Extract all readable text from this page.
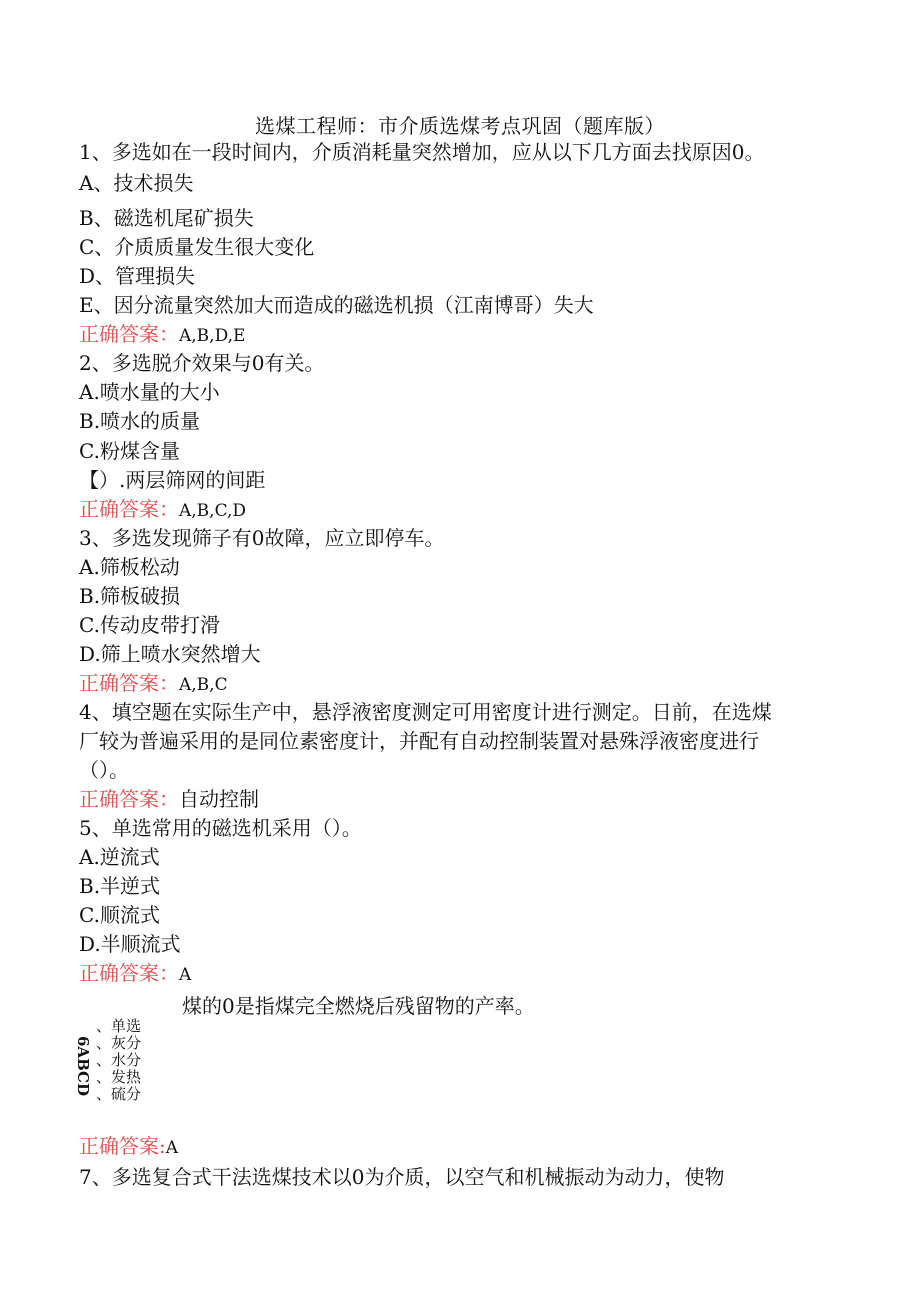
选煤工程师：市介质选煤考点巩固（题库版）
1、多选如在一段时间内，介质消耗量突然增加，应从以下几方面去找原因0。
A、技术损失
B、磁选机尾矿损失
C、介质质量发生很大变化
D、管理损失
E、因分流量突然加大而造成的磁选机损（江南博哥）失大
正确答案：A,B,D,E
2、多选脱介效果与0有关。
A.喷水量的大小
B.喷水的质量
C.粉煤含量
【）.两层筛网的间距
正确答案：A,B,C,D
3、多选发现筛子有0故障，应立即停车。
A.筛板松动
B.筛板破损
C.传动皮带打滑
D.筛上喷水突然增大
正确答案：A,B,C
4、填空题在实际生产中，悬浮液密度测定可用密度计进行测定。日前，在选煤
厂较为普遍采用的是同位素密度计，并配有自动控制装置对悬殊浮液密度进行
（）。
正确答案：自动控制
5、单选常用的磁选机采用（）。
A.逆流式
B.半逆式
C.顺流式
D.半顺流式
正确答案：A
煤的0是指煤完全燃烧后残留物的产率。
6ABCD
、单选
、灰分
、水分
、发热
、硫分
正确答案:A
7、多选复合式干法选煤技术以0为介质，以空气和机械振动为动力，使物
